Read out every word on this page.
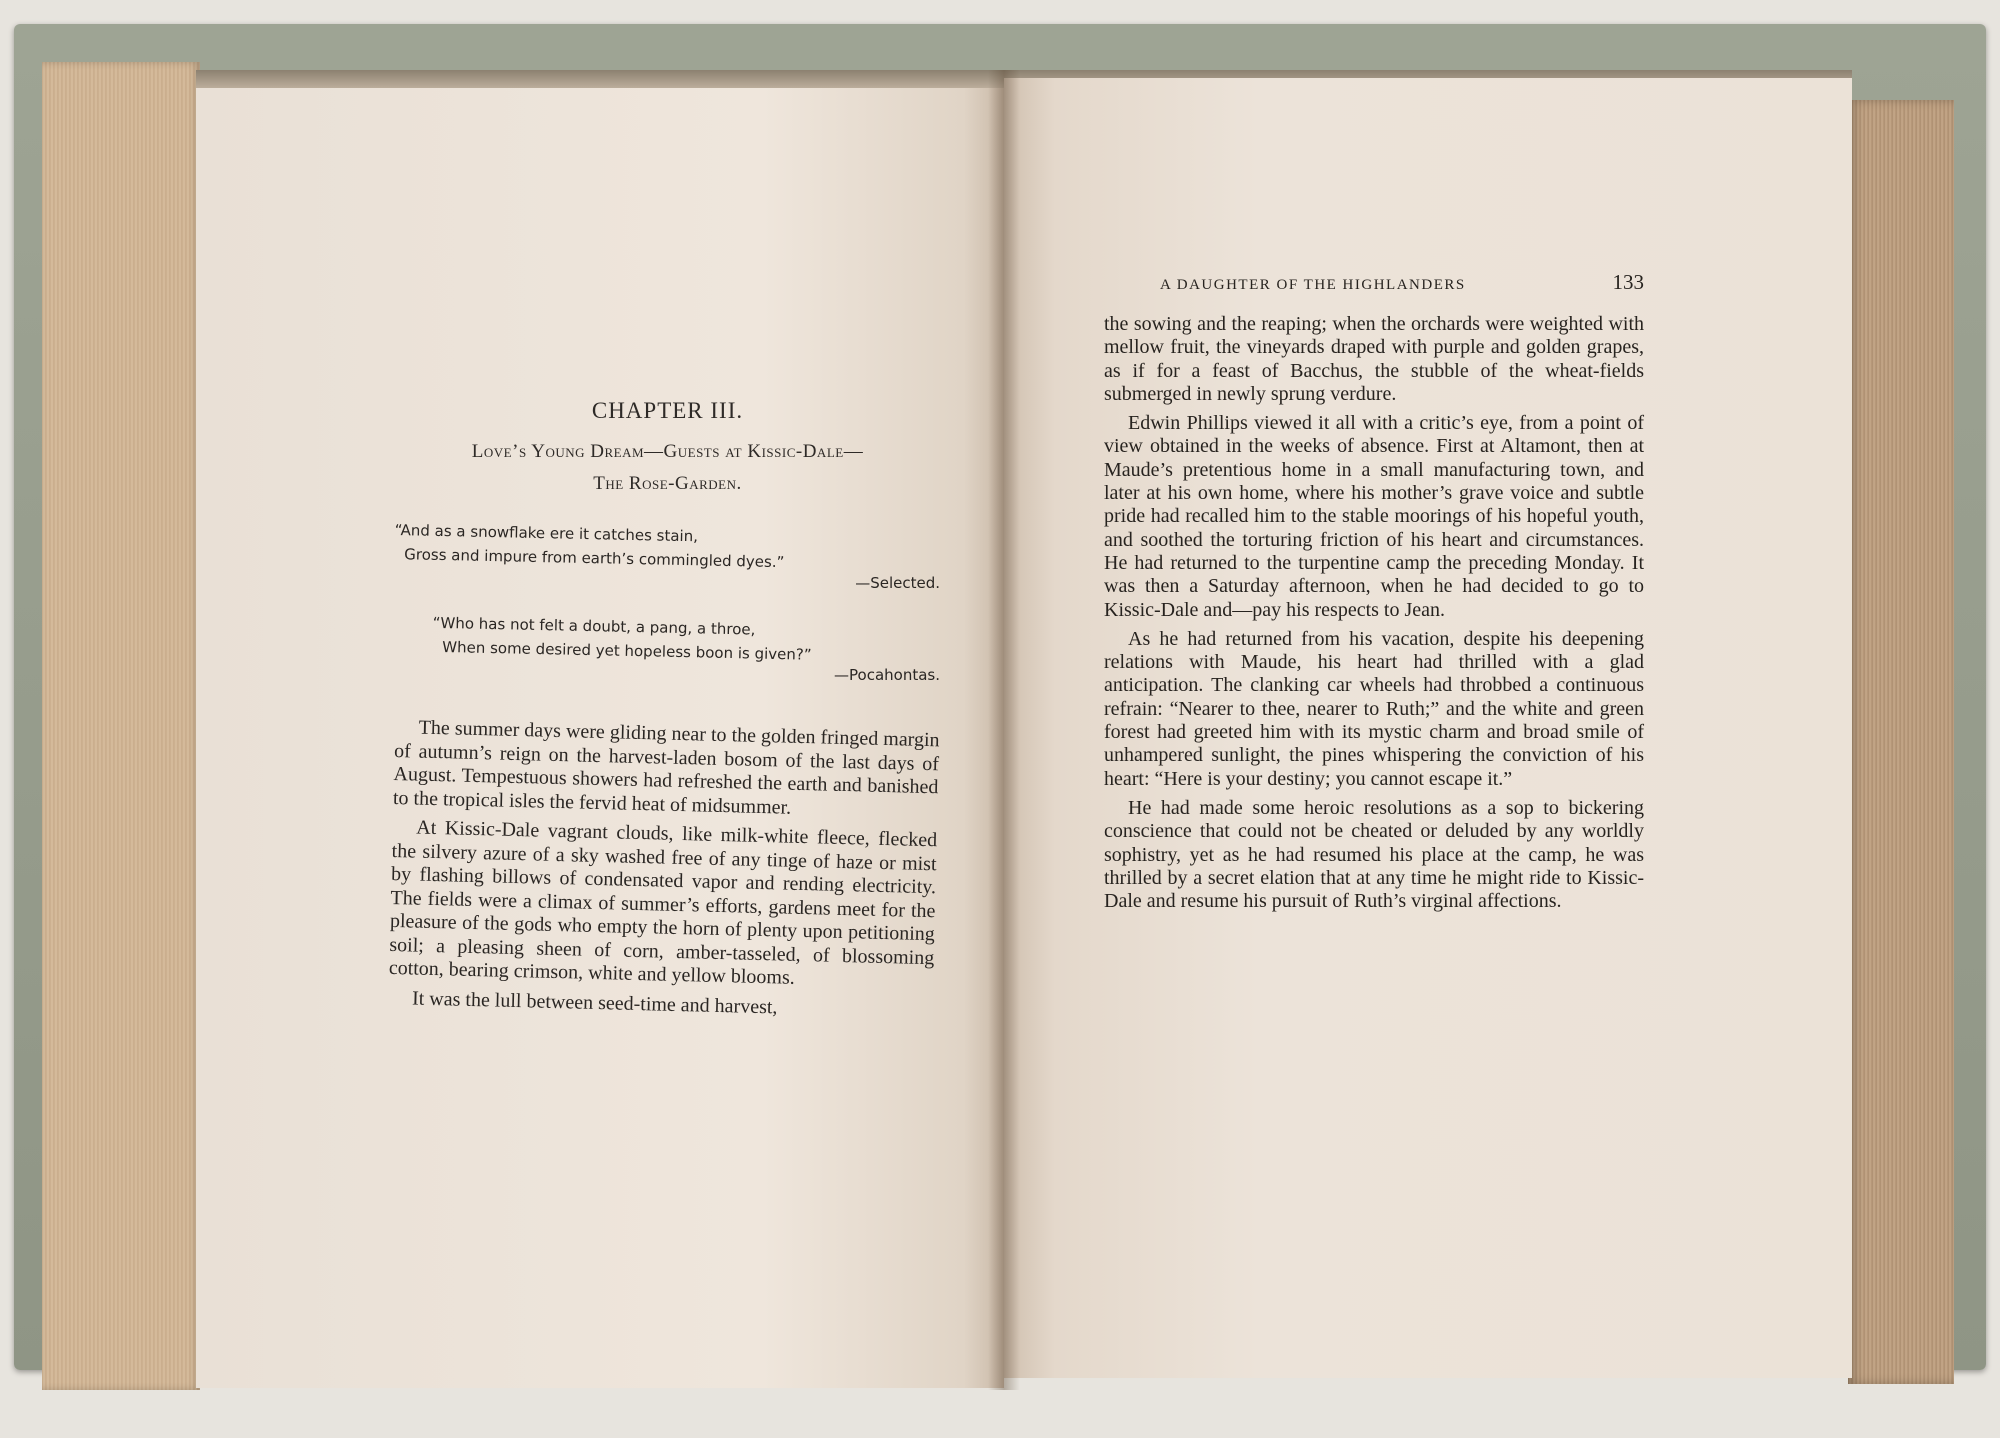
CHAPTER III.
Love’s Young Dream—Guests at Kissic-Dale—
The Rose-Garden.
“And as a snowflake ere it catches stain,
Gross and impure from earth’s commingled dyes.”
—Selected.
“Who has not felt a doubt, a pang, a throe,
When some desired yet hopeless boon is given?”
—Pocahontas.

The summer days were gliding near to the golden fringed margin of autumn’s reign on the harvest-laden bosom of the last days of August. Tempestuous showers had refreshed the earth and banished to the tropical isles the fervid heat of midsummer.

At Kissic-Dale vagrant clouds, like milk-white fleece, flecked the silvery azure of a sky washed free of any tinge of haze or mist by flashing billows of condensated vapor and rending electricity. The fields were a climax of summer’s efforts, gardens meet for the pleasure of the gods who empty the horn of plenty upon petitioning soil; a pleasing sheen of corn, amber-tasseled, of blossoming cotton, bearing crimson, white and yellow blooms.

It was the lull between seed-time and harvest,

A DAUGHTER OF THE HIGHLANDERS	133

the sowing and the reaping; when the orchards were weighted with mellow fruit, the vineyards draped with purple and golden grapes, as if for a feast of Bacchus, the stubble of the wheat-fields submerged in newly sprung verdure.

Edwin Phillips viewed it all with a critic’s eye, from a point of view obtained in the weeks of absence. First at Altamont, then at Maude’s pretentious home in a small manufacturing town, and later at his own home, where his mother’s grave voice and subtle pride had recalled him to the stable moorings of his hopeful youth, and soothed the torturing friction of his heart and circumstances. He had returned to the turpentine camp the preceding Monday. It was then a Saturday afternoon, when he had decided to go to Kissic-Dale and—pay his respects to Jean.

As he had returned from his vacation, despite his deepening relations with Maude, his heart had thrilled with a glad anticipation. The clanking car wheels had throbbed a continuous refrain: “Nearer to thee, nearer to Ruth;” and the white and green forest had greeted him with its mystic charm and broad smile of unhampered sunlight, the pines whispering the conviction of his heart: “Here is your destiny; you cannot escape it.”

He had made some heroic resolutions as a sop to bickering conscience that could not be cheated or deluded by any worldly sophistry, yet as he had resumed his place at the camp, he was thrilled by a secret elation that at any time he might ride to Kissic-Dale and resume his pursuit of Ruth’s virginal affections.
